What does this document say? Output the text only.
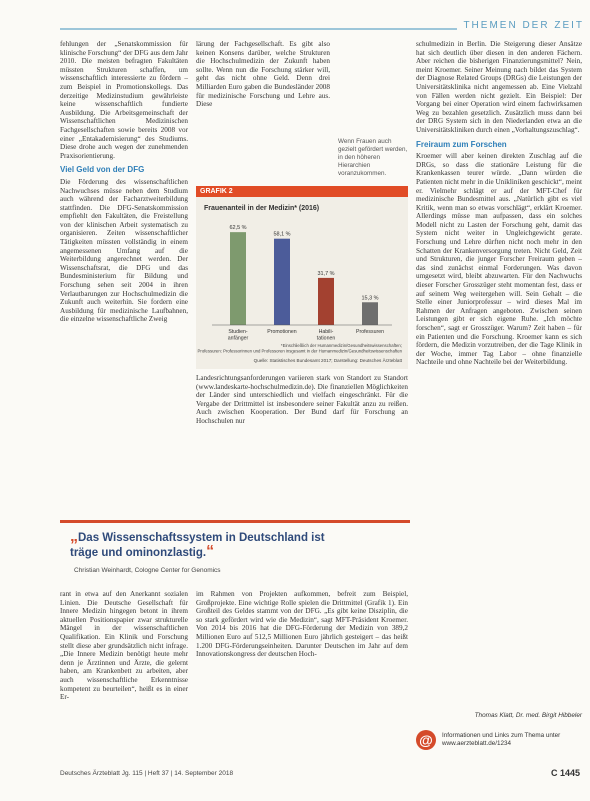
THEMEN DER ZEIT

fehlungen der „Senatskommission für klinische Forschung“ der DFG aus dem Jahr 2010. Die meisten befragten Fakultäten müssten Strukturen schaffen, um wissenschaftlich interessierte zu fördern – zum Beispiel in Promotionskollegs. Das derzeitige Medizinstudium gewährleiste keine wissenschaftlich fundierte Ausbildung. Die Arbeitsgemeinschaft der Wissenschaftlichen Medizinischen Fachgesellschaften sowie bereits 2008 vor einer „Entakademisierung“ des Studiums. Diese drohe auch wegen der zunehmenden Praxisorientierung.

Viel Geld von der DFG

Die Förderung des wissenschaftlichen Nachwuchses müsse neben dem Studium auch während der Facharztweiterbildung stattfinden. Die DFG-Senatskommission empfiehlt den Fakultäten, die Freistellung von der klinischen Arbeit systematisch zu organisieren. Zeiten wissenschaftlicher Tätigkeiten müssten vollständig in einem angemessenen Umfang auf die Weiterbildung angerechnet werden. Der Wissenschaftsrat, die DFG und das Bundesministerium für Bildung und Forschung sehen seit 2004 in ihren Verlautbarungen zur Hochschulmedizin die Zukunft auch weiterhin. Sie fordern eine Ausbildung für medizinische Laufbahnen, die einzelne wissenschaftliche Zweig

lärung der Fachgesellschaft. Es gibt also keinen Konsens darüber, welche Strukturen die Hochschulmedizin der Zukunft haben sollte. Wenn nun die Forschung stärker will, geht das nicht ohne Geld. Denn drei Milliarden Euro gaben die Bundesländer 2008 für medizinische Forschung und Lehre aus. Diese

Wenn Frauen auch gezielt gefördert werden, in den höheren Hierarchien voranzukommen.
GRAFIK 2
Frauenanteil in der Medizin* (2016)
62,5 %
Studien-
anfänger
58,1 %
Promotionen
31,7 %
Habili-
tationen
15,3 %
Professuren
*Einschließlich der Humanmedizin/Gesundheitswissenschaften;
Professuren: Professorinnen und Professoren insgesamt in der Humanmedizin/Gesundheitswissenschaften
Quelle: Statistisches Bundesamt 2017; Darstellung: Deutsches Ärzteblatt

Landesrichtungsanforderungen variieren stark von Standort zu Standort (www.landeskarte-hochschulmedizin.de). Die finanziellen Möglichkeiten der Länder sind unterschiedlich und vielfach eingeschränkt. Für die Vergabe der Drittmittel ist insbesondere seiner Fakultät anzu zu reißen. Auch zwischen Kooperation. Der Bund darf für Forschung an Hochschulen nur

schulmedizin in Berlin. Die Steigerung dieser Ansätze hat sich deutlich über diesen in den anderen Fächern. Aber reichen die bisherigen Finanzierungsmittel? Nein, meint Kroemer. Seiner Meinung nach bildet das System der Diagnose Related Groups (DRGs) die Leistungen der Universitätsklinika nicht angemessen ab. Eine Vielzahl von Fällen werden nicht gezielt. Ein Beispiel: Der Vorgang bei einer Operation wird einem fachwirksamen Weg zu bezahlen gesetzlich. Zusätzlich muss dann bei der DRG System sich in den Niederlanden etwa an die Universitätskliniken durch einen „Vorhaltungszuschlag“.

Freiraum zum Forschen

Kroemer will aber keinen direkten Zuschlag auf die DRGs, so dass die stationäre Leistung für die Krankenkassen teurer würde. „Dann würden die Patienten nicht mehr in die Unikliniken geschickt“, meint er. Vielmehr schlägt er auf der MFT-Chef für medizinische Bundesmittel aus. „Natürlich gibt es viel Kritik, wenn man so etwas vorschlägt“, erklärt Kroemer. Allerdings müsse man aufpassen, dass ein solches Modell nicht zu Lasten der Forschung geht, damit das System nicht weiter in Ungleichgewicht gerate. Forschung und Lehre dürften nicht noch mehr in den Schatten der Krankenversorgung treten. Nicht Geld, Zeit und Strukturen, die junger Forscher Freiraum geben – das sind zunächst einmal Forderungen. Was davon umgesetzt wird, bleibt abzuwarten. Für den Nachwuchs dieser Forscher Grosszüger steht momentan fest, dass er auf seinem Weg weitergehen will. Sein Gehalt – die Stelle einer Juniorprofessur – wird dieses Mal im Rahmen der Anfragen angeboten. Zwischen seinen Leistungen gibt er sich eigene Ruhe. „Ich möchte forschen“, sagt er Grosszüger. Warum? Zeit haben – für ein Patienten und die Forschung. Kroemer kann es sich fördern, die Medizin vorzutreiben, der die Tage Klinik in der Woche, immer Tag Labor – ohne finanzielle Nachteile und ohne Nachteile bei der Weiterbildung.

„Das Wissenschaftssystem in Deutschland ist
träge und ominonzlastig.“
Christian Weinhardt, Cologne Center for Genomics

rant in etwa auf den Anerkannt sozialen Linien. Die Deutsche Gesellschaft für Innere Medizin hingegen betont in ihrem aktuellen Positionspapier zwar strukturelle Mängel in der wissenschaftlichen Qualifikation. Ein Klinik und Forschung stellt diese aber grundsätzlich nicht infrage. „Die Innere Medizin benötigt heute mehr denn je Ärztinnen und Ärzte, die gelernt haben, am Krankenbett zu arbeiten, aber auch wissenschaftliche Erkenntnisse kompetent zu beurteilen“, heißt es in einer Er-

im Rahmen von Projekten aufkommen, befreit zum Beispiel, Großprojekte. Eine wichtige Rolle spielen die Drittmittel (Grafik 1). Ein Großteil des Geldes stammt von der DFG. „Es gibt keine Disziplin, die so stark gefördert wird wie die Medizin“, sagt MFT-Präsident Kroemer. Von 2014 bis 2016 hat die DFG-Förderung der Medizin von 389,2 Millionen Euro auf 512,5 Millionen Euro jährlich gesteigert – das heißt 1.200 DFG-Förderungseinheiten. Darunter Deutschen im Jahr auf dem Innovationskongress der deutschen Hoch-

Thomas Klatt, Dr. med. Birgit Hibbeler
@	Informationen und Links zum Thema unter www.aerzteblatt.de/1234
Deutsches Ärzteblatt Jg. 115 | Heft 37 | 14. September 2018	C 1445
